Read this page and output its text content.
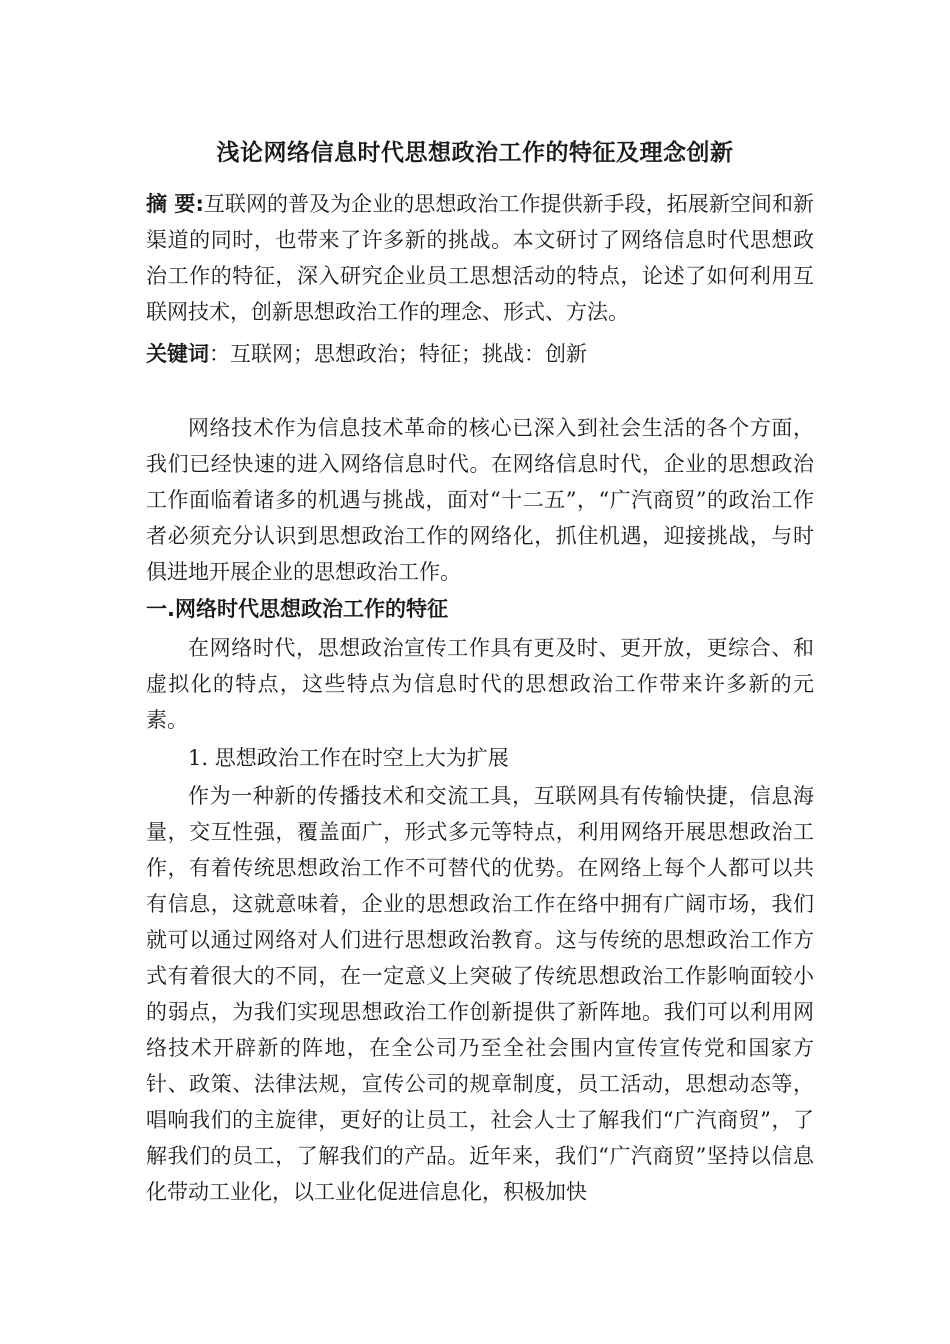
浅论网络信息时代思想政治工作的特征及理念创新

摘 要:互联网的普及为企业的思想政治工作提供新手段，拓展新空间和新渠道的同时，也带来了许多新的挑战。本文研讨了网络信息时代思想政治工作的特征，深入研究企业员工思想活动的特点，论述了如何利用互联网技术，创新思想政治工作的理念、形式、方法。

关键词：互联网；思想政治；特征；挑战：创新

网络技术作为信息技术革命的核心已深入到社会生活的各个方面，我们已经快速的进入网络信息时代。在网络信息时代，企业的思想政治工作面临着诸多的机遇与挑战，面对“十二五”，“广汽商贸”的政治工作者必须充分认识到思想政治工作的网络化，抓住机遇，迎接挑战，与时俱进地开展企业的思想政治工作。
一.网络时代思想政治工作的特征
在网络时代，思想政治宣传工作具有更及时、更开放，更综合、和虚拟化的特点，这些特点为信息时代的思想政治工作带来许多新的元素。
1. 思想政治工作在时空上大为扩展
作为一种新的传播技术和交流工具，互联网具有传输快捷，信息海量，交互性强，覆盖面广，形式多元等特点，利用网络开展思想政治工作，有着传统思想政治工作不可替代的优势。在网络上每个人都可以共有信息，这就意味着，企业的思想政治工作在络中拥有广阔市场，我们就可以通过网络对人们进行思想政治教育。这与传统的思想政治工作方式有着很大的不同，在一定意义上突破了传统思想政治工作影响面较小的弱点，为我们实现思想政治工作创新提供了新阵地。我们可以利用网络技术开辟新的阵地，在全公司乃至全社会围内宣传宣传党和国家方针、政策、法律法规，宣传公司的规章制度，员工活动，思想动态等，唱响我们的主旋律，更好的让员工，社会人士了解我们“广汽商贸”，了解我们的员工，了解我们的产品。近年来，我们“广汽商贸”坚持以信息化带动工业化，以工业化促进信息化，积极加快
